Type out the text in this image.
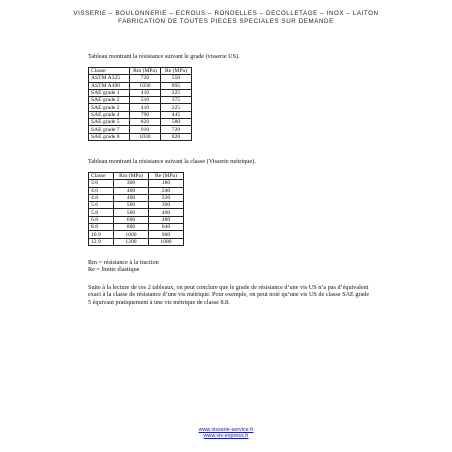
VISSERIE – BOULONNERIE – ECROUS – RONDELLES – DECOLLETAGE – INOX – LAITON
FABRICATION DE TOUTES PIECES SPECIALES SUR DEMANDE
Tableau montrant la résistance suivant le grade (visserie US).
Classe	Rm (MPa)	Re (MPa)
ASTM A325	720	550
ASTM A490	1030	895
SAE grade 1	410	225
SAE grade 2	510	375
SAE grade 2	410	225
SAE grade 4	790	445
SAE grade 5	820	580
SAE grade 7	910	720
SAE grade 8	1030	820
Tableau montrant la résistance suivant la classe (Visserie métrique).
Classe	Rm (MPa)	Re (MPa)
3.6	300	180
4.6	400	240
4.8	400	320
5.6	500	300
5.8	500	400
6.8	600	480
8.8	800	640
10.9	1000	900
12.9	1200	1080
Rm = résistance à la traction
Re = limite élastique
Suite à la lecture de ces 2 tableaux, on peut conclure que le grade de résistance d’une vis US n’a pas d’équivalent exact à la classe de résistance d’une vis métrique. Pour exemple, on peut noté qu’une vis US de classe SAE grade 5 équivaut pratiquement à une vis métrique de classe 8.8.
www.visserie-service.fr
www.vis-express.fr
